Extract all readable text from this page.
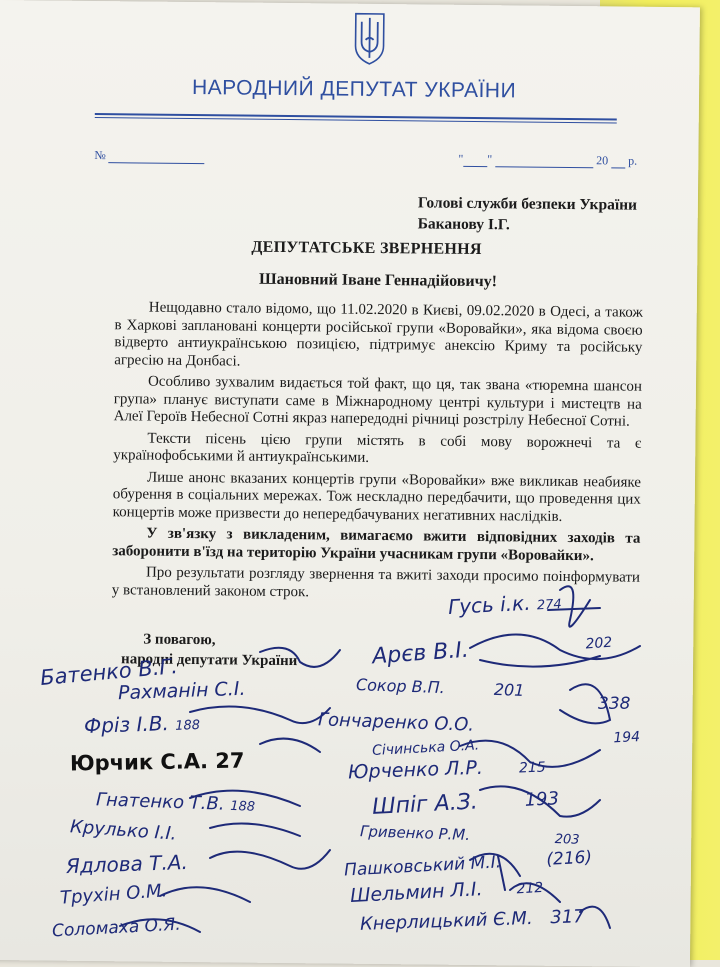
НАРОДНИЙ ДЕПУТАТ УКРАЇНИ
№	" "	20 р.
Голові служби безпеки України
Баканову І.Г.
ДЕПУТАТСЬКЕ ЗВЕРНЕННЯ
Шановний Іване Геннадійовичу!

Нещодавно стало відомо, що 11.02.2020 в Києві, 09.02.2020 в Одесі, а також в Харкові заплановані концерти російської групи «Воровайки», яка відома своєю відверто антиукраїнською позицією, підтримує анексію Криму та російську агресію на Донбасі.

Особливо зухвалим видається той факт, що ця, так звана «тюремна шансон група» планує виступати саме в Міжнародному центрі культури і мистецтв на Алеї Героїв Небесної Сотні якраз напередодні річниці розстрілу Небесної Сотні.

Тексти пісень цією групи містять в собі мову ворожнечі та є українофобськими й антиукраїнськими.

Лише анонс вказаних концертів групи «Воровайки» вже викликав неабияке обурення в соціальних мережах. Тож нескладно передбачити, що проведення цих концертів може призвести до непередбачуваних негативних наслідків.

У зв'язку з викладеним, вимагаємо вжити відповідних заходів та заборонити в'їзд на територію України учасникам групи «Воровайки».

Про результати розгляду звернення та вжиті заходи просимо поінформувати у встановлений законом строк.

З повагою,
народні депутати України
Гусь і.к. 274
Арєв В.І.	202
Батенко В.Г.
Рахманін С.І.	Сокор В.П.	201
338
Фріз І.В. 188	Гончаренко О.О.
Січинська О.А.	194
Юрчик С.А. 27	Юрченко Л.Р.	215
Гнатенко Т.В. 188	Шпіг А.З.	193
Крулько І.І.	Гривенко Р.М.	203
Ядлова Т.А.	Пашковський М.І.	(216)
Трухін О.М.	Шельмин Л.І. 212
Соломаха О.Я.	Кнерлицький Є.М. 317
